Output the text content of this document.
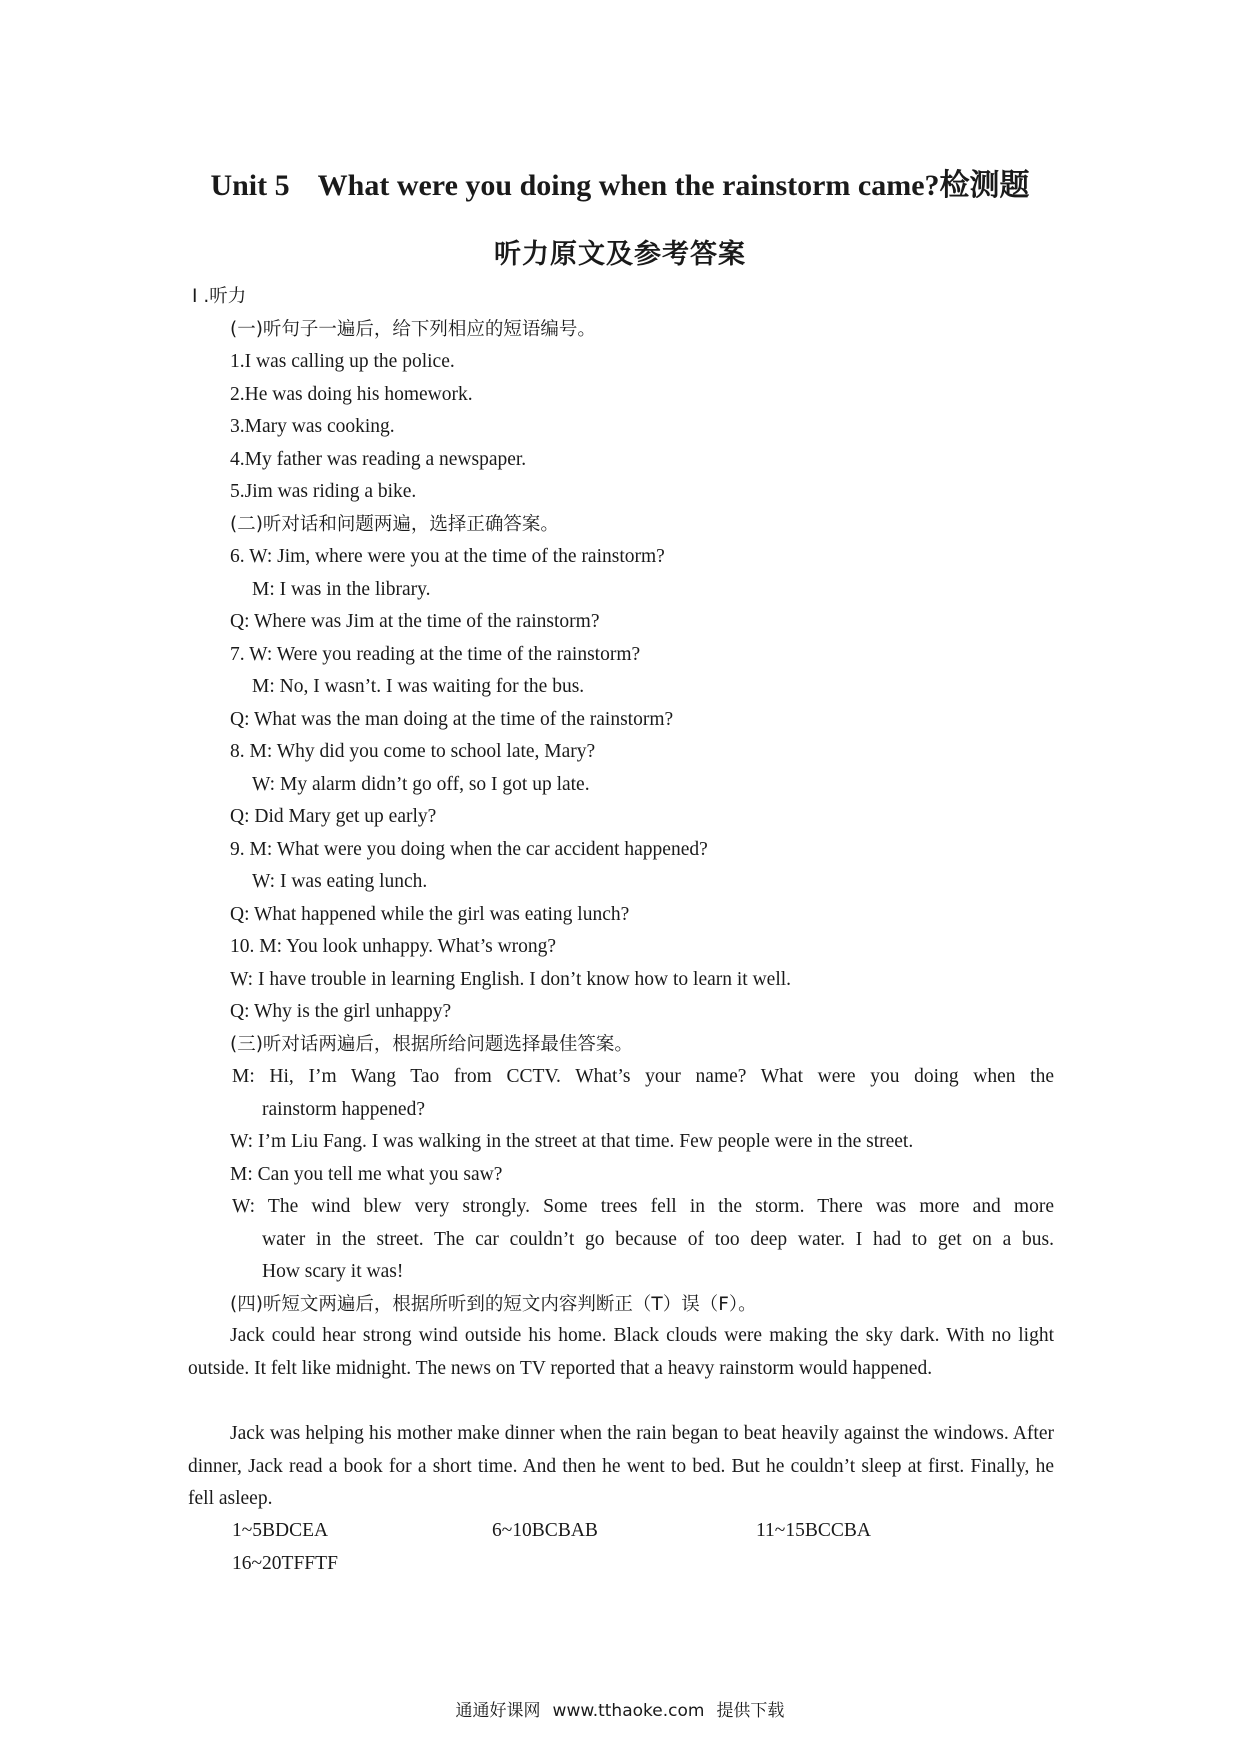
Unit 5 What were you doing when the rainstorm came?检测题
听力原文及参考答案
I .听力
(一)听句子一遍后，给下列相应的短语编号。
1.I was calling up the police.
2.He was doing his homework.
3.Mary was cooking.
4.My father was reading a newspaper.
5.Jim was riding a bike.
(二)听对话和问题两遍，选择正确答案。
6. W: Jim, where were you at the time of the rainstorm?
M: I was in the library.
Q: Where was Jim at the time of the rainstorm?
7. W: Were you reading at the time of the rainstorm?
M: No, I wasn’t. I was waiting for the bus.
Q: What was the man doing at the time of the rainstorm?
8. M: Why did you come to school late, Mary?
W: My alarm didn’t go off, so I got up late.
Q: Did Mary get up early?
9. M: What were you doing when the car accident happened?
W: I was eating lunch.
Q: What happened while the girl was eating lunch?
10. M: You look unhappy. What’s wrong?
W: I have trouble in learning English. I don’t know how to learn it well.
Q: Why is the girl unhappy?
(三)听对话两遍后，根据所给问题选择最佳答案。
M: Hi, I’m Wang Tao from CCTV. What’s your name? What were you doing when the
rainstorm happened?
W: I’m Liu Fang. I was walking in the street at that time. Few people were in the street.
M: Can you tell me what you saw?
W: The wind blew very strongly. Some trees fell in the storm. There was more and more
water in the street. The car couldn’t go because of too deep water. I had to get on a bus.
How scary it was!
(四)听短文两遍后，根据所听到的短文内容判断正（T）误（F）。

Jack could hear strong wind outside his home. Black clouds were making the sky dark. With no light outside. It felt like midnight. The news on TV reported that a heavy rainstorm would happened.

Jack was helping his mother make dinner when the rain began to beat heavily against the windows. After dinner, Jack read a book for a short time. And then he went to bed. But he couldn’t sleep at first. Finally, he fell asleep.

1~5BDCEA	6~10BCBAB	11~15BCCBA
16~20TFFTF
通通好课网 www.tthaoke.com 提供下载
